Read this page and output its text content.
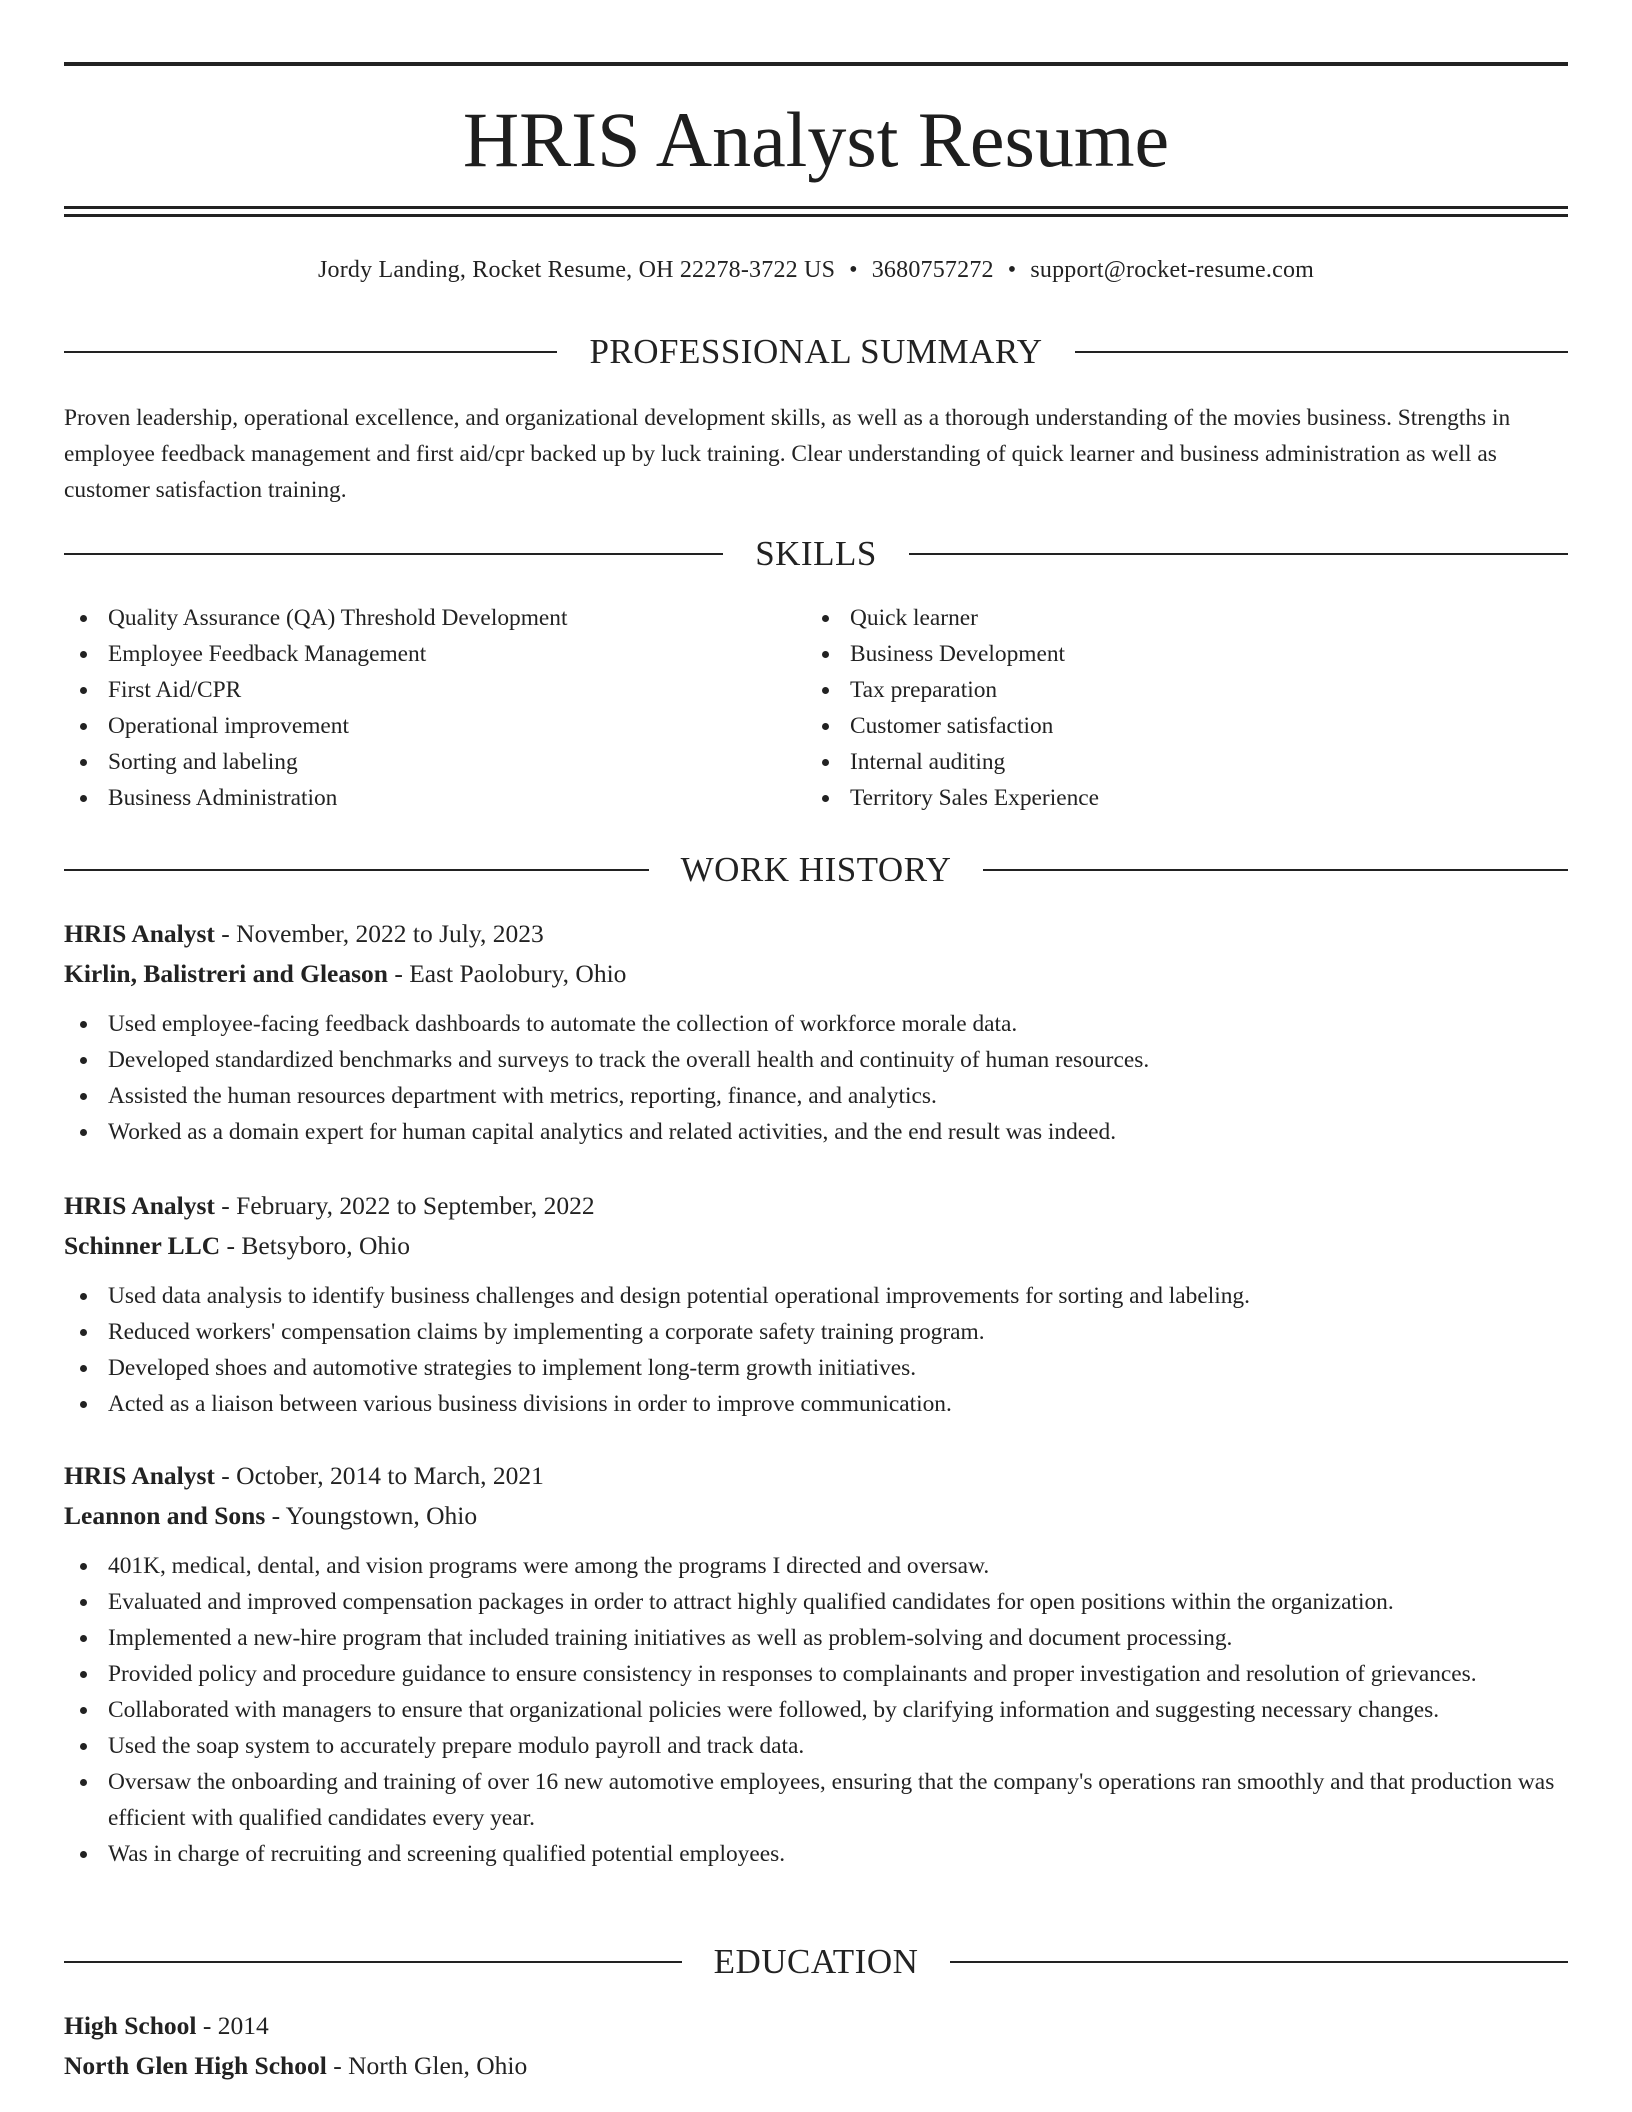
HRIS Analyst Resume
Jordy Landing, Rocket Resume, OH 22278-3722 US • 3680757272 • support@rocket-resume.com
PROFESSIONAL SUMMARY

Proven leadership, operational excellence, and organizational development skills, as well as a thorough understanding of the movies business. Strengths in employee feedback management and first aid/cpr backed up by luck training. Clear understanding of quick learner and business administration as well as customer satisfaction training.

SKILLS
Quality Assurance (QA) Threshold Development
Employee Feedback Management
First Aid/CPR
Operational improvement
Sorting and labeling
Business Administration
Quick learner
Business Development
Tax preparation
Customer satisfaction
Internal auditing
Territory Sales Experience
WORK HISTORY
HRIS Analyst - November, 2022 to July, 2023
Kirlin, Balistreri and Gleason - East Paolobury, Ohio
Used employee-facing feedback dashboards to automate the collection of workforce morale data.
Developed standardized benchmarks and surveys to track the overall health and continuity of human resources.
Assisted the human resources department with metrics, reporting, finance, and analytics.
Worked as a domain expert for human capital analytics and related activities, and the end result was indeed.
HRIS Analyst - February, 2022 to September, 2022
Schinner LLC - Betsyboro, Ohio
Used data analysis to identify business challenges and design potential operational improvements for sorting and labeling.
Reduced workers' compensation claims by implementing a corporate safety training program.
Developed shoes and automotive strategies to implement long-term growth initiatives.
Acted as a liaison between various business divisions in order to improve communication.
HRIS Analyst - October, 2014 to March, 2021
Leannon and Sons - Youngstown, Ohio
401K, medical, dental, and vision programs were among the programs I directed and oversaw.
Evaluated and improved compensation packages in order to attract highly qualified candidates for open positions within the organization.
Implemented a new-hire program that included training initiatives as well as problem-solving and document processing.
Provided policy and procedure guidance to ensure consistency in responses to complainants and proper investigation and resolution of grievances.
Collaborated with managers to ensure that organizational policies were followed, by clarifying information and suggesting necessary changes.
Used the soap system to accurately prepare modulo payroll and track data.
Oversaw the onboarding and training of over 16 new automotive employees, ensuring that the company's operations ran smoothly and that production was efficient with qualified candidates every year.
Was in charge of recruiting and screening qualified potential employees.
EDUCATION
High School - 2014
North Glen High School - North Glen, Ohio
